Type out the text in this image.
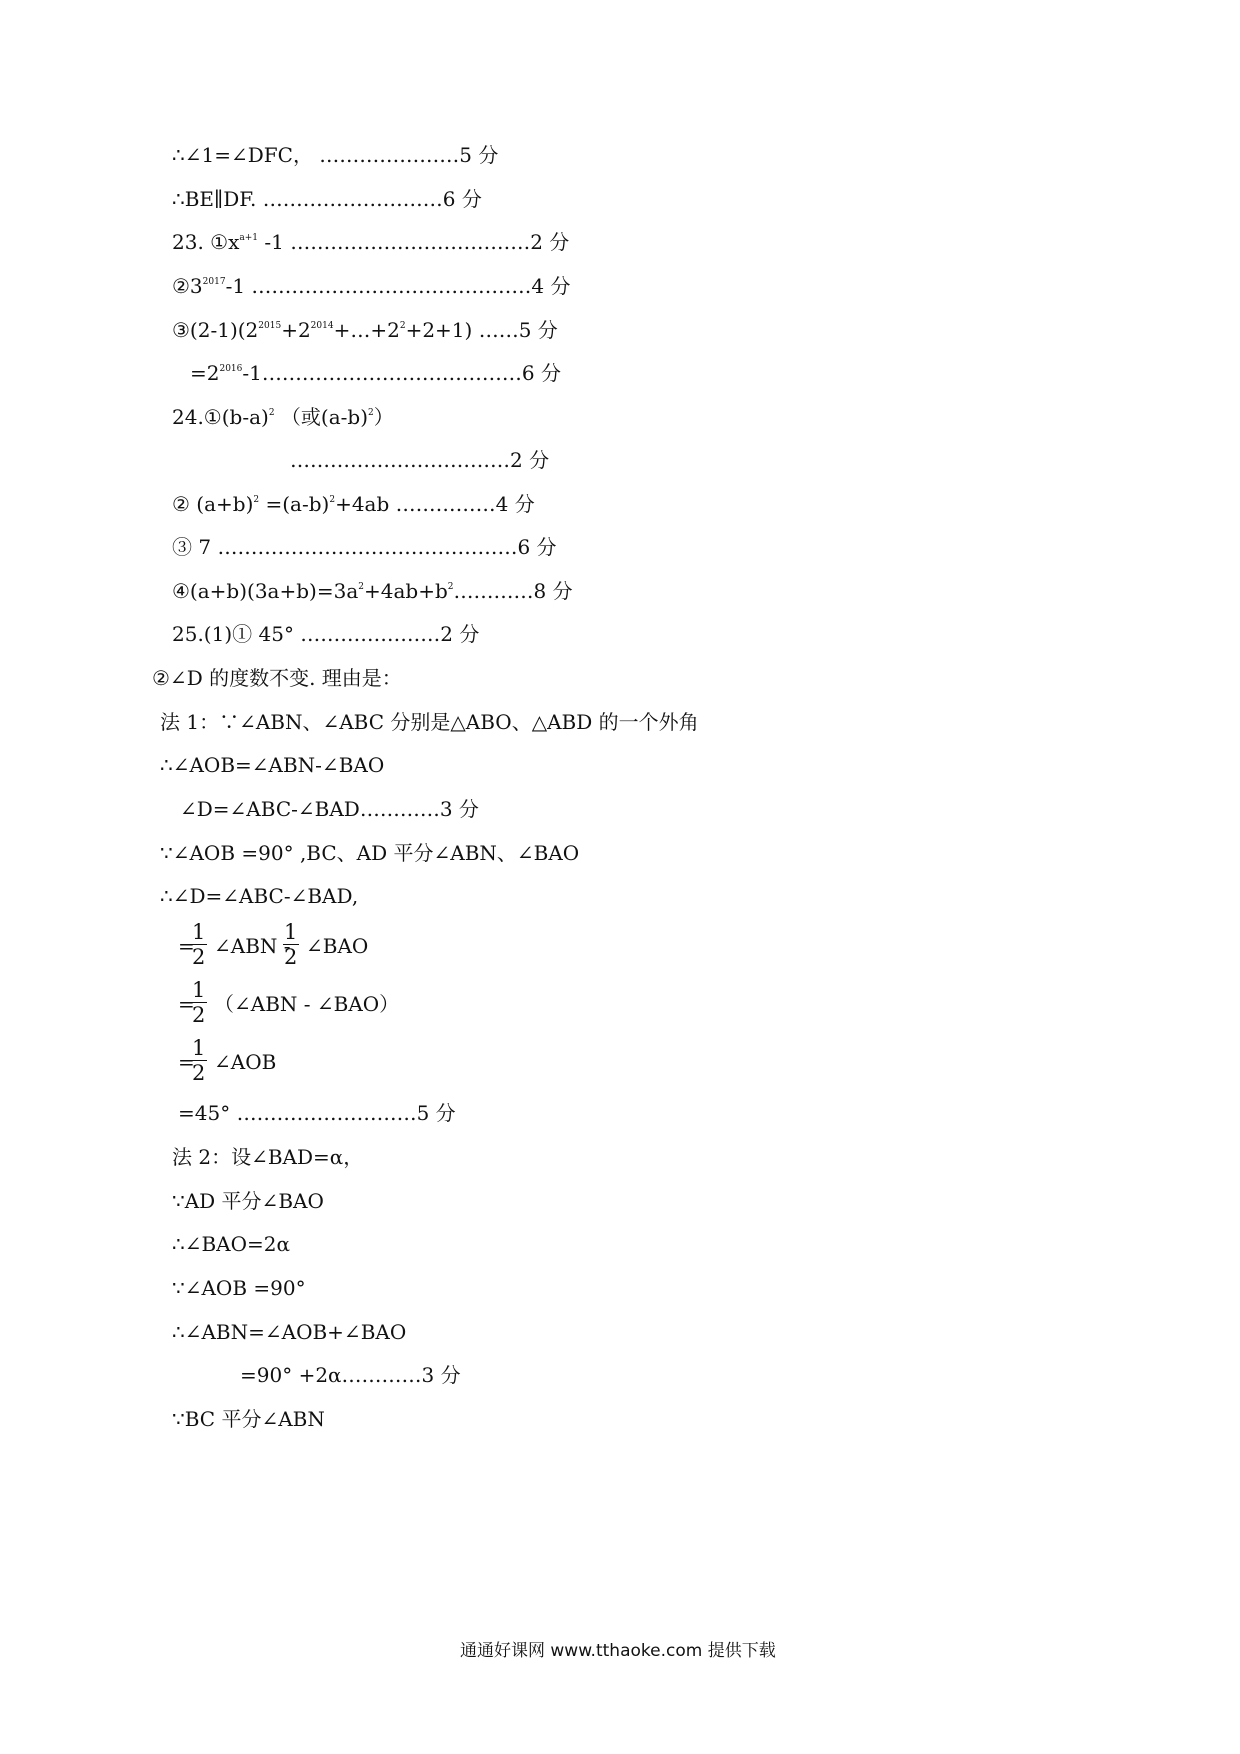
∴∠1=∠DFC， …………………5 分
∴BE∥DF. ………………………6 分
23. $①x^{a+1}$ -1 ………………………………2 分
$②3^{2017}-1$ ……………………………………4 分
$③(2-1)(2^{2015}+2^{2014}+\dots+2^2+2+1)$ ……5 分
$=2^{2016}-1\dots\dots\dots\dots\dots\dots\dots\dots\dots\dots\dots\dots\dots 6$ 分
$24.①(b-a)^2$ （或$(a-b)^2$）
……………………………2 分
② $(a+b)^2 =(a-b)^2+4ab$ ……………4 分
③ 7 ………………………………………6 分
$④(a+b)(3a+b)=3a^2+4ab+b^2\dots\dots\dots\dots 8$ 分
25.(1)① 45° …………………2 分
②∠D 的度数不变. 理由是：
法 1：∵∠ABN、∠ABC 分别是△ABO、△ABD 的一个外角
∴∠AOB=∠ABN-∠BAO
∠D=∠ABC-∠BAD…………3 分
∵∠AOB =90° ,BC、AD 平分∠ABN、∠BAO
∴∠D=∠ABC-∠BAD,
=
1
2 ∠ABN -
1
2 ∠BAO
=
1
2 （∠ABN - ∠BAO）
=
1
2 ∠AOB
=45° ………………………5 分
法 2：设∠BAD=α，
∵AD 平分∠BAO
∴∠BAO=2α
∵∠AOB =90°
∴∠ABN=∠AOB+∠BAO
=90° +2α…………3 分
∵BC 平分∠ABN
通通好课网 www.tthaoke.com 提供下载
